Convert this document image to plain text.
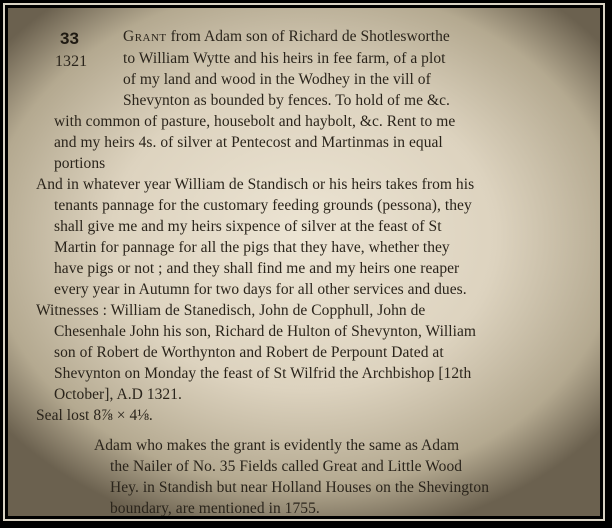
33
1321
Grant from Adam son of Richard de Shotlesworthe
to William Wytte and his heirs in fee farm, of a plot
of my land and wood in the Wodhey in the vill of
Shevynton as bounded by fences. To hold of me &c.
with common of pasture, housebolt and haybolt, &c. Rent to me
and my heirs 4s. of silver at Pentecost and Martinmas in equal
portions
And in whatever year William de Standisch or his heirs takes from his
tenants pannage for the customary feeding grounds (pessona), they
shall give me and my heirs sixpence of silver at the feast of St
Martin for pannage for all the pigs that they have, whether they
have pigs or not ; and they shall find me and my heirs one reaper
every year in Autumn for two days for all other services and dues.
Witnesses : William de Stanedisch, John de Copphull, John de
Chesenhale John his son, Richard de Hulton of Shevynton, William
son of Robert de Worthynton and Robert de Perpount Dated at
Shevynton on Monday the feast of St Wilfrid the Archbishop [12th
October], A.D 1321.
Seal lost 8⅞ × 4⅛.
Adam who makes the grant is evidently the same as Adam
the Nailer of No. 35 Fields called Great and Little Wood
Hey. in Standish but near Holland Houses on the Shevington
boundary, are mentioned in 1755.
